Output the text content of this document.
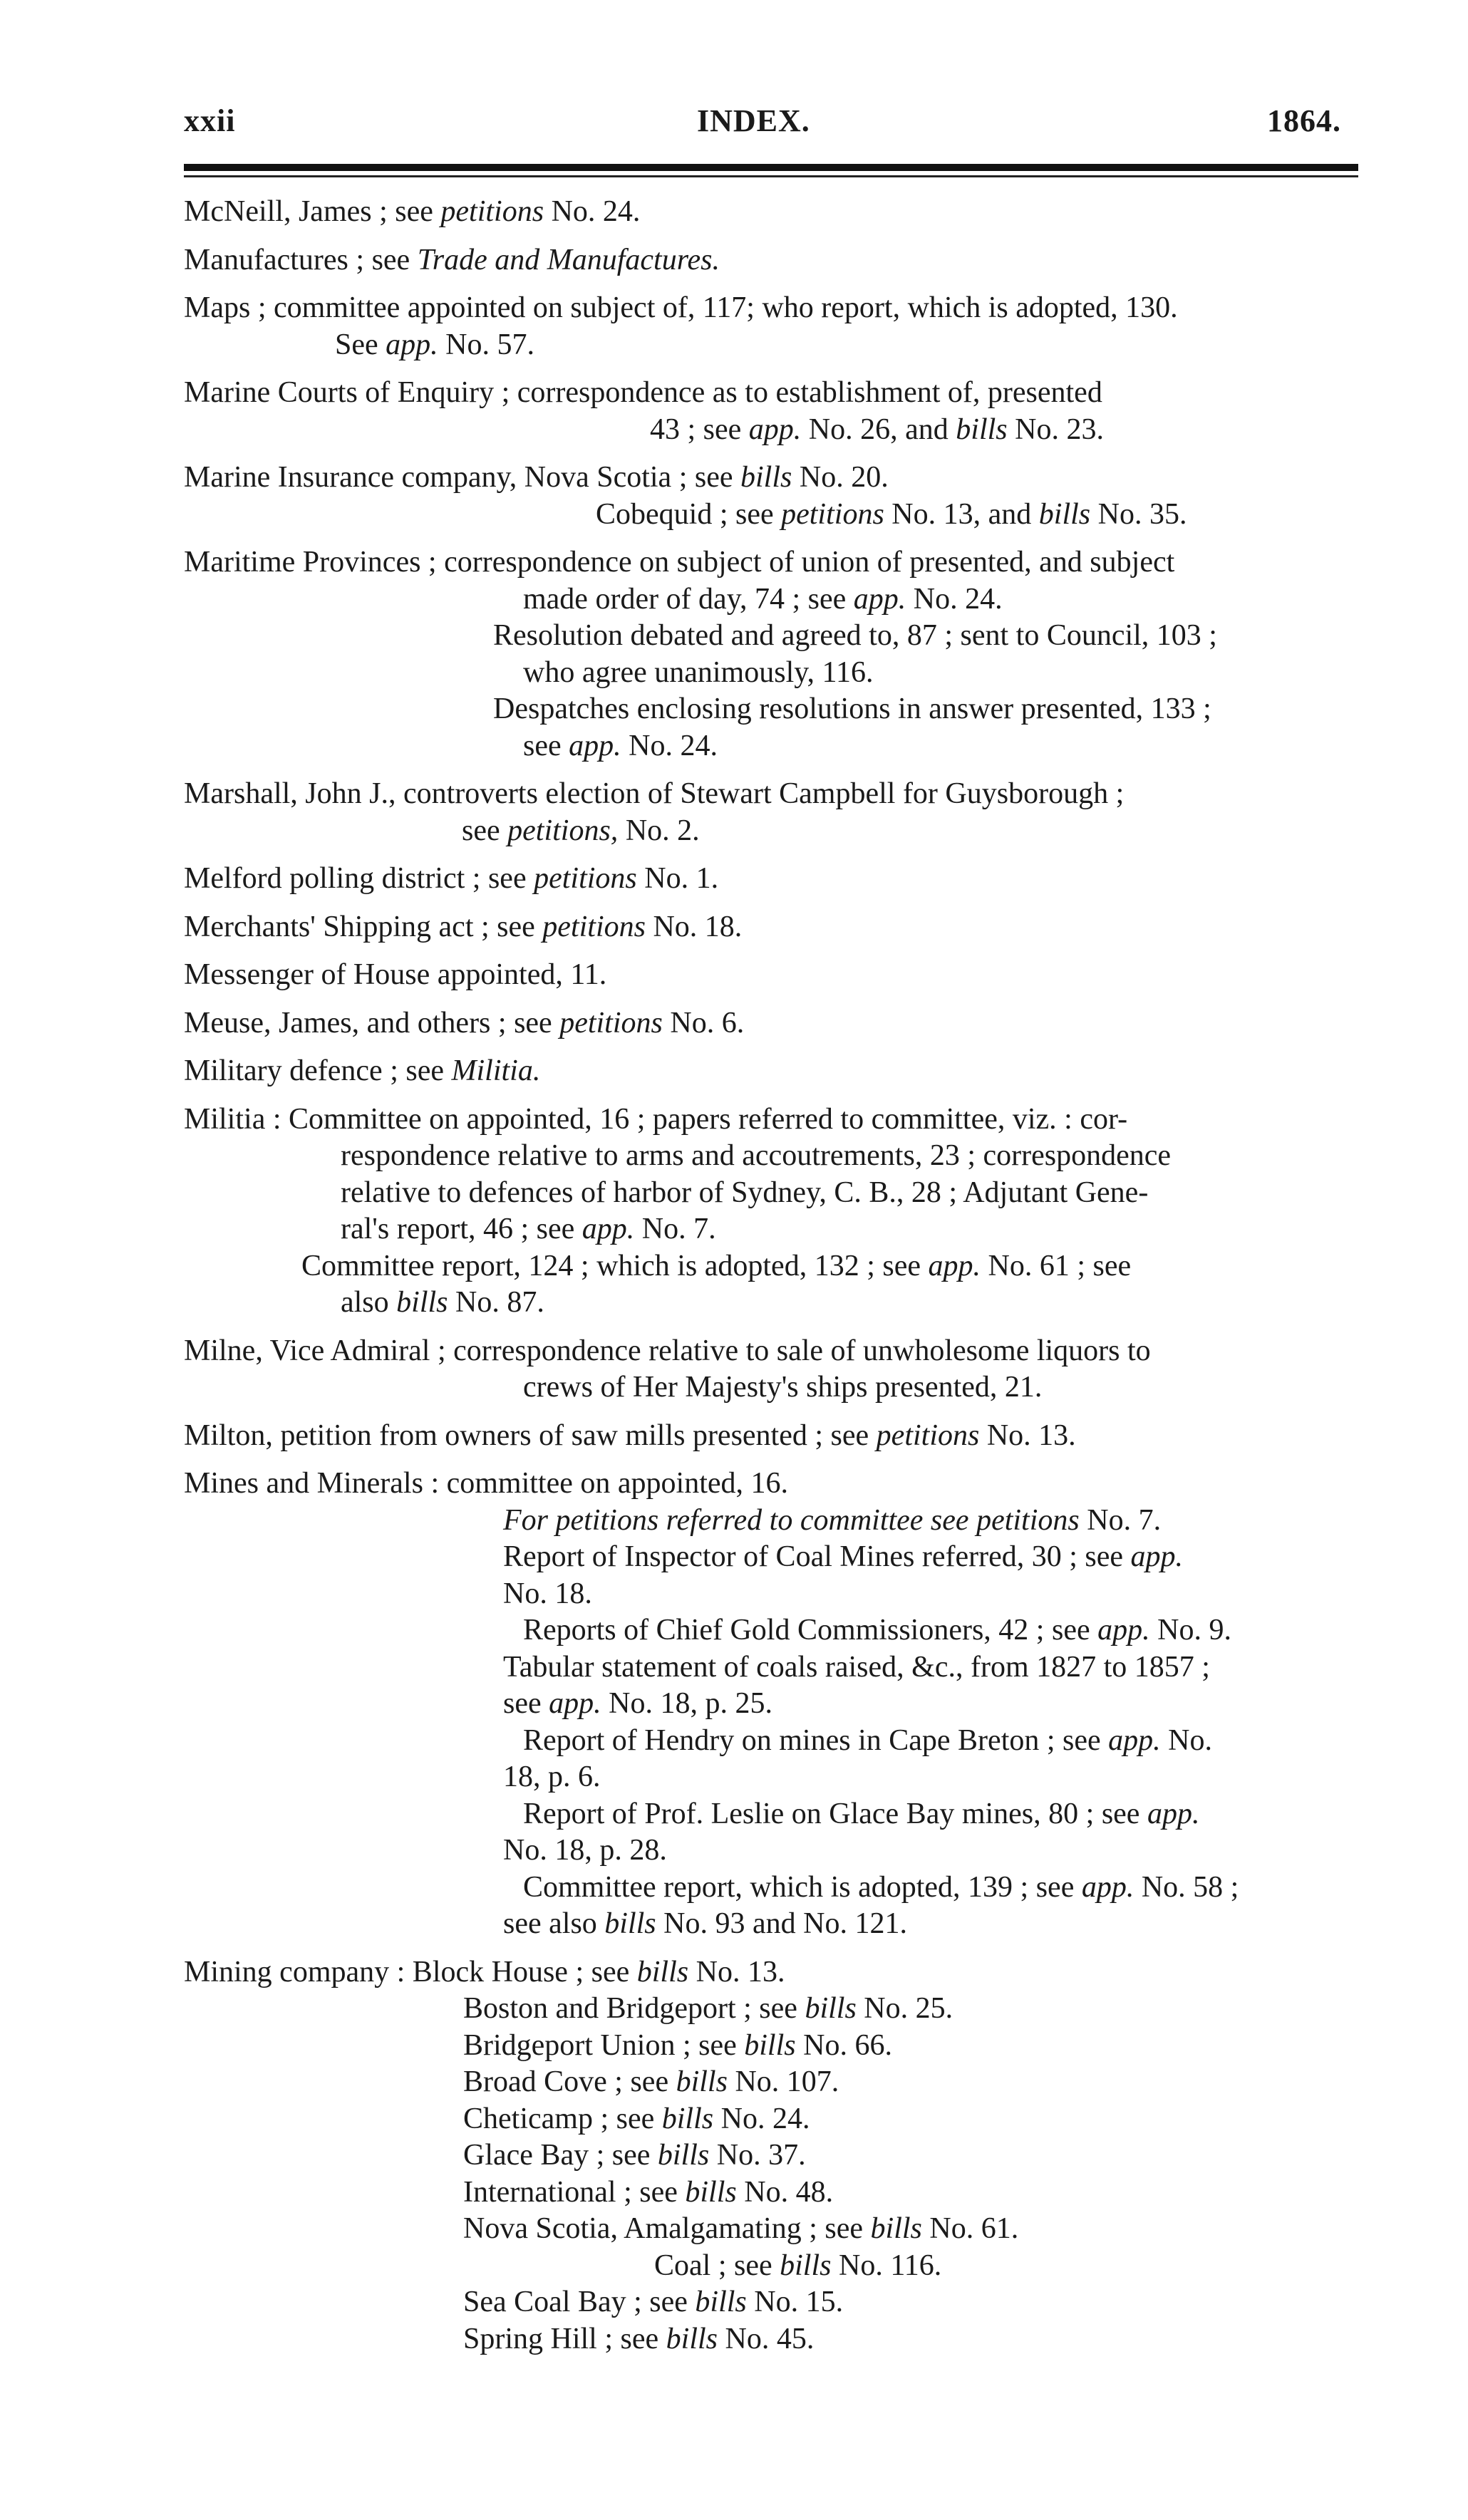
xxii	INDEX.	1864.
McNeill, James ; see petitions No. 24.
Manufactures ; see Trade and Manufactures.
Maps ; committee appointed on subject of, 117; who report, which is adopted, 130.
See app. No. 57.
Marine Courts of Enquiry ; correspondence as to establishment of, presented
43 ; see app. No. 26, and bills No. 23.
Marine Insurance company, Nova Scotia ; see bills No. 20.
Cobequid ; see petitions No. 13, and bills No. 35.
Maritime Provinces ; correspondence on subject of union of presented, and subject
made order of day, 74 ; see app. No. 24.
Resolution debated and agreed to, 87 ; sent to Council, 103 ;
who agree unanimously, 116.
Despatches enclosing resolutions in answer presented, 133 ;
see app. No. 24.
Marshall, John J., controverts election of Stewart Campbell for Guysborough ;
see petitions, No. 2.
Melford polling district ; see petitions No. 1.
Merchants' Shipping act ; see petitions No. 18.
Messenger of House appointed, 11.
Meuse, James, and others ; see petitions No. 6.
Military defence ; see Militia.
Militia : Committee on appointed, 16 ; papers referred to committee, viz. : cor-
respondence relative to arms and accoutrements, 23 ; correspondence
relative to defences of harbor of Sydney, C. B., 28 ; Adjutant Gene-
ral's report, 46 ; see app. No. 7.
Committee report, 124 ; which is adopted, 132 ; see app. No. 61 ; see
also bills No. 87.
Milne, Vice Admiral ; correspondence relative to sale of unwholesome liquors to
crews of Her Majesty's ships presented, 21.
Milton, petition from owners of saw mills presented ; see petitions No. 13.
Mines and Minerals : committee on appointed, 16.
For petitions referred to committee see petitions No. 7.
Report of Inspector of Coal Mines referred, 30 ; see app.
No. 18.
Reports of Chief Gold Commissioners, 42 ; see app. No. 9.
Tabular statement of coals raised, &c., from 1827 to 1857 ;
see app. No. 18, p. 25.
Report of Hendry on mines in Cape Breton ; see app. No.
18, p. 6.
Report of Prof. Leslie on Glace Bay mines, 80 ; see app.
No. 18, p. 28.
Committee report, which is adopted, 139 ; see app. No. 58 ;
see also bills No. 93 and No. 121.
Mining company : Block House ; see bills No. 13.
Boston and Bridgeport ; see bills No. 25.
Bridgeport Union ; see bills No. 66.
Broad Cove ; see bills No. 107.
Cheticamp ; see bills No. 24.
Glace Bay ; see bills No. 37.
International ; see bills No. 48.
Nova Scotia, Amalgamating ; see bills No. 61.
Coal ; see bills No. 116.
Sea Coal Bay ; see bills No. 15.
Spring Hill ; see bills No. 45.
